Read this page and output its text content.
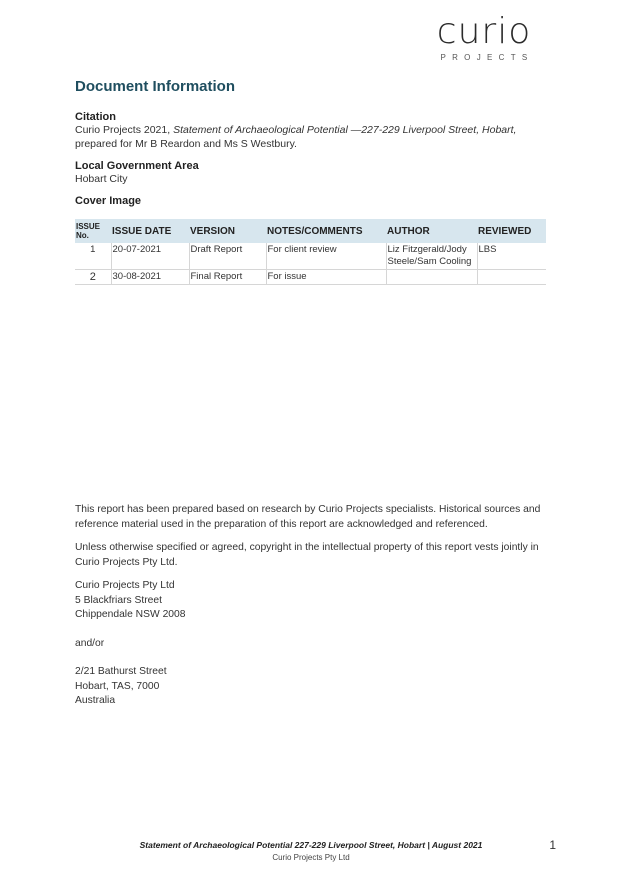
curio
PROJECTS
Document Information

Citation

Curio Projects 2021, Statement of Archaeological Potential —227-229 Liverpool Street, Hobart, prepared for Mr B Reardon and Ms S Westbury.

Local Government Area

Hobart City

Cover Image

ISSUE No.	ISSUE DATE	VERSION	NOTES/COMMENTS	AUTHOR	REVIEWED
1	20-07-2021	Draft Report	For client review	Liz Fitzgerald/Jody Steele/Sam Cooling	LBS
2	30-08-2021	Final Report	For issue		

This report has been prepared based on research by Curio Projects specialists. Historical sources and reference material used in the preparation of this report are acknowledged and referenced.

Unless otherwise specified or agreed, copyright in the intellectual property of this report vests jointly in Curio Projects Pty Ltd.

Curio Projects Pty Ltd
5 Blackfriars Street
Chippendale NSW 2008

and/or

2/21 Bathurst Street
Hobart, TAS, 7000
Australia

Statement of Archaeological Potential 227-229 Liverpool Street, Hobart | August 2021
Curio Projects Pty Ltd
1
